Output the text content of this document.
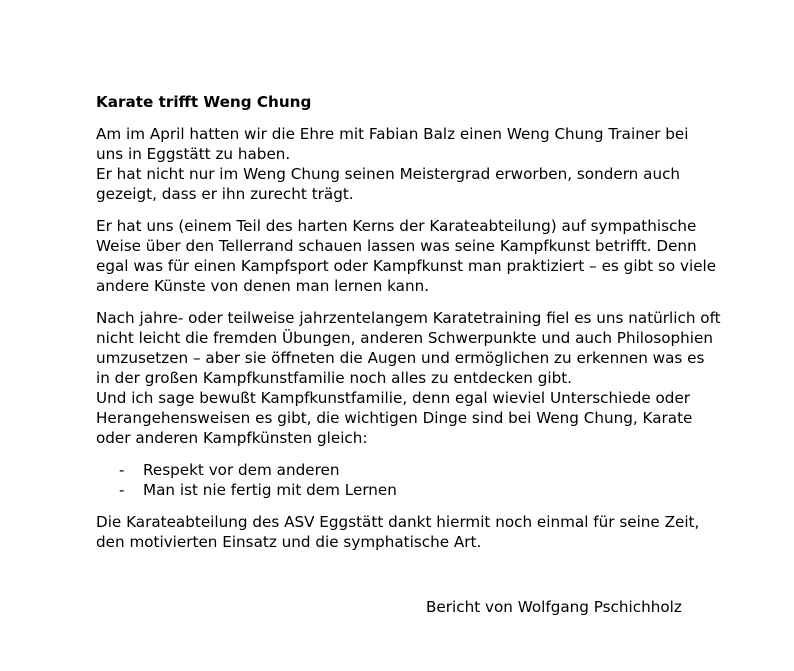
Karate trifft Weng Chung
Am im April hatten wir die Ehre mit Fabian Balz einen Weng Chung Trainer bei
uns in Eggstätt zu haben.
Er hat nicht nur im Weng Chung seinen Meistergrad erworben, sondern auch
gezeigt, dass er ihn zurecht trägt.
Er hat uns (einem Teil des harten Kerns der Karateabteilung) auf sympathische
Weise über den Tellerrand schauen lassen was seine Kampfkunst betrifft. Denn
egal was für einen Kampfsport oder Kampfkunst man praktiziert – es gibt so viele
andere Künste von denen man lernen kann.
Nach jahre- oder teilweise jahrzentelangem Karatetraining fiel es uns natürlich oft
nicht leicht die fremden Übungen, anderen Schwerpunkte und auch Philosophien
umzusetzen – aber sie öffneten die Augen und ermöglichen zu erkennen was es
in der großen Kampfkunstfamilie noch alles zu entdecken gibt.
Und ich sage bewußt Kampfkunstfamilie, denn egal wieviel Unterschiede oder
Herangehensweisen es gibt, die wichtigen Dinge sind bei Weng Chung, Karate
oder anderen Kampfkünsten gleich:
- Respekt vor dem anderen
- Man ist nie fertig mit dem Lernen
Die Karateabteilung des ASV Eggstätt dankt hiermit noch einmal für seine Zeit,
den motivierten Einsatz und die symphatische Art.
Bericht von Wolfgang Pschichholz
